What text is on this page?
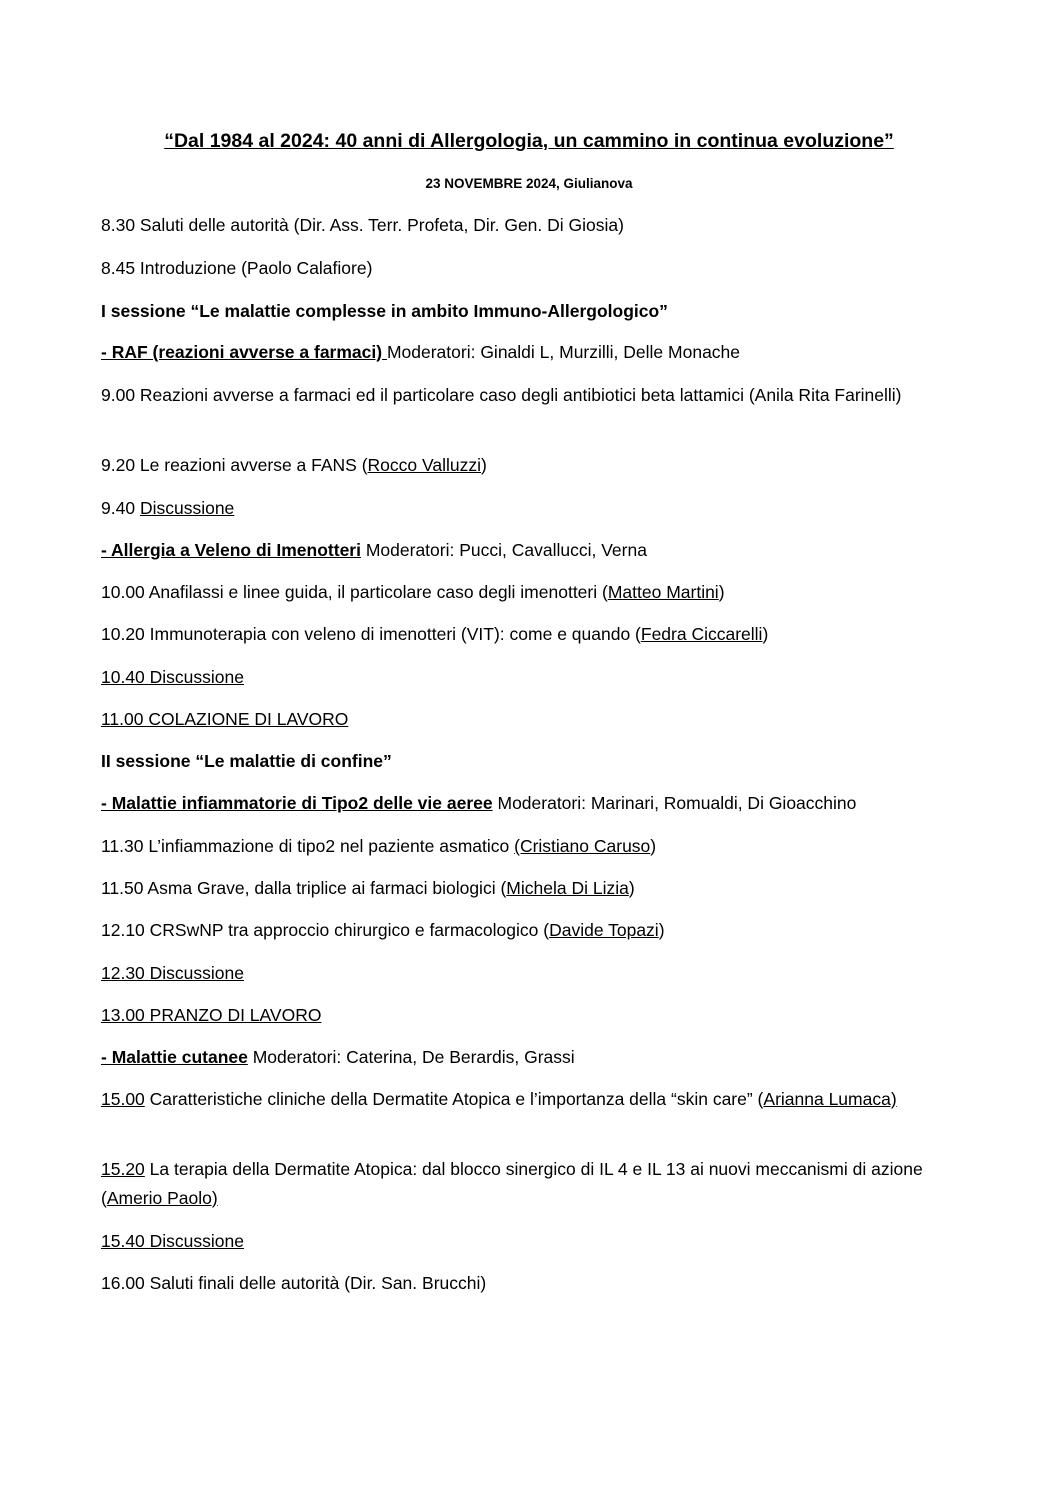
“Dal 1984 al 2024: 40 anni di Allergologia, un cammino in continua evoluzione”
23 NOVEMBRE 2024, Giulianova
8.30 Saluti delle autorità (Dir. Ass. Terr. Profeta, Dir. Gen. Di Giosia)
8.45 Introduzione (Paolo Calafiore)
I sessione “Le malattie complesse in ambito Immuno-Allergologico”
- RAF (reazioni avverse a farmaci) Moderatori: Ginaldi L, Murzilli, Delle Monache
9.00 Reazioni avverse a farmaci ed il particolare caso degli antibiotici beta lattamici (Anila Rita Farinelli)
9.20 Le reazioni avverse a FANS (Rocco Valluzzi)
9.40 Discussione
- Allergia a Veleno di Imenotteri Moderatori: Pucci, Cavallucci, Verna
10.00 Anafilassi e linee guida, il particolare caso degli imenotteri (Matteo Martini)
10.20 Immunoterapia con veleno di imenotteri (VIT): come e quando (Fedra Ciccarelli)
10.40 Discussione
11.00 COLAZIONE DI LAVORO
II sessione “Le malattie di confine”
- Malattie infiammatorie di Tipo2 delle vie aeree Moderatori: Marinari, Romualdi, Di Gioacchino
11.30 L’infiammazione di tipo2 nel paziente asmatico (Cristiano Caruso)
11.50 Asma Grave, dalla triplice ai farmaci biologici (Michela Di Lizia)
12.10 CRSwNP tra approccio chirurgico e farmacologico (Davide Topazi)
12.30 Discussione
13.00 PRANZO DI LAVORO
- Malattie cutanee Moderatori: Caterina, De Berardis, Grassi
15.00 Caratteristiche cliniche della Dermatite Atopica e l’importanza della “skin care” (Arianna Lumaca)
15.20 La terapia della Dermatite Atopica: dal blocco sinergico di IL 4 e IL 13 ai nuovi meccanismi di azione (Amerio Paolo)
15.40 Discussione
16.00 Saluti finali delle autorità (Dir. San. Brucchi)
